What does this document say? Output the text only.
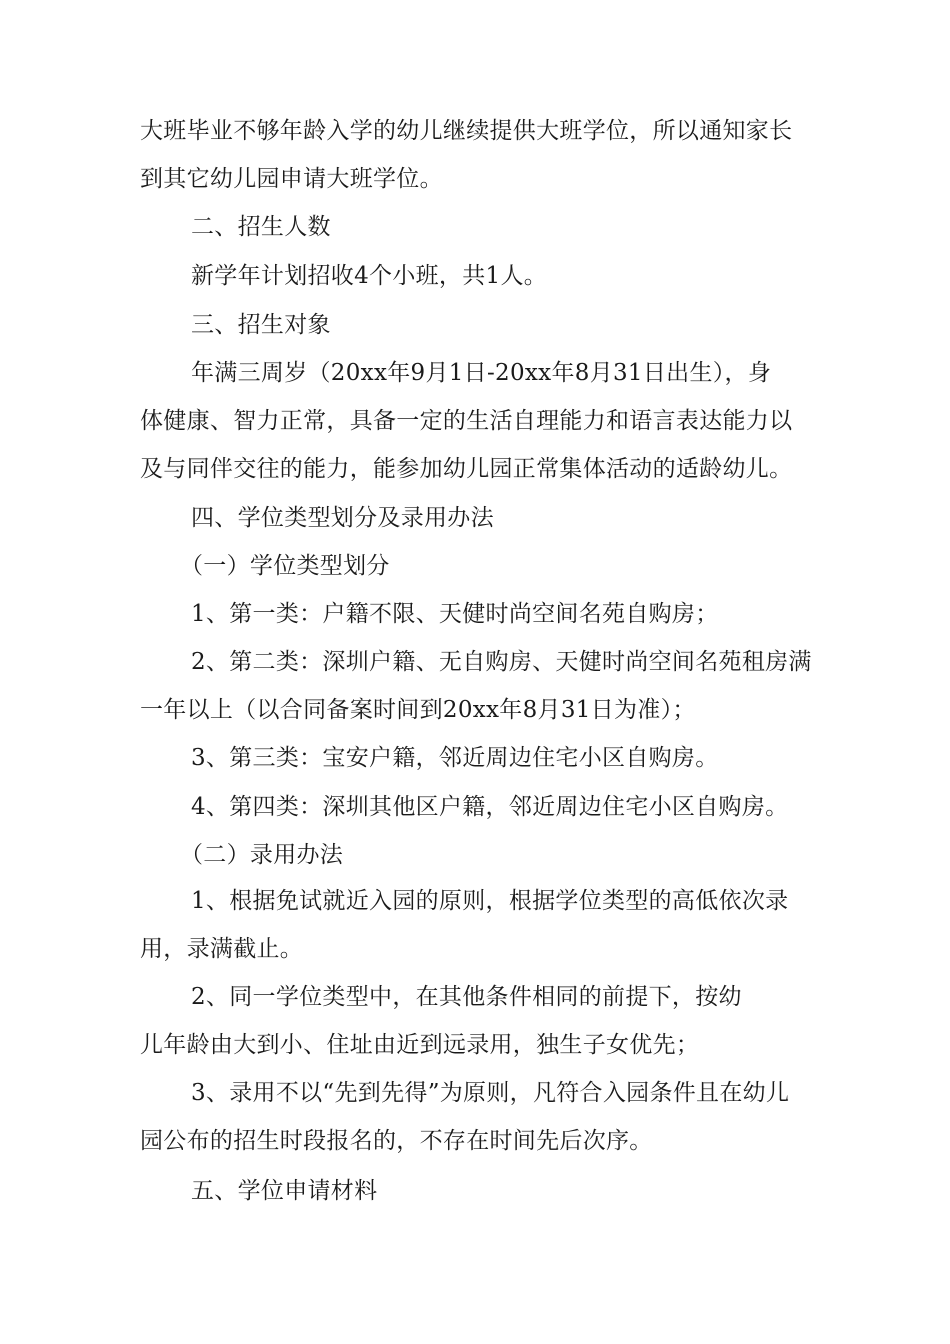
大班毕业不够年龄入学的幼儿继续提供大班学位，所以通知家长
到其它幼儿园申请大班学位。
二、招生人数
新学年计划招收4个小班，共1人。
三、招生对象
年满三周岁（20xx年9月1日-20xx年8月31日出生），身
体健康、智力正常，具备一定的生活自理能力和语言表达能力以
及与同伴交往的能力，能参加幼儿园正常集体活动的适龄幼儿。
四、学位类型划分及录用办法
（一）学位类型划分
1、第一类：户籍不限、天健时尚空间名苑自购房；
2、第二类：深圳户籍、无自购房、天健时尚空间名苑租房满
一年以上（以合同备案时间到20xx年8月31日为准）；
3、第三类：宝安户籍，邻近周边住宅小区自购房。
4、第四类：深圳其他区户籍，邻近周边住宅小区自购房。
（二）录用办法
1、根据免试就近入园的原则，根据学位类型的高低依次录
用，录满截止。
2、同一学位类型中，在其他条件相同的前提下，按幼
儿年龄由大到小、住址由近到远录用，独生子女优先；
3、录用不以“先到先得”为原则，凡符合入园条件且在幼儿
园公布的招生时段报名的，不存在时间先后次序。
五、学位申请材料
